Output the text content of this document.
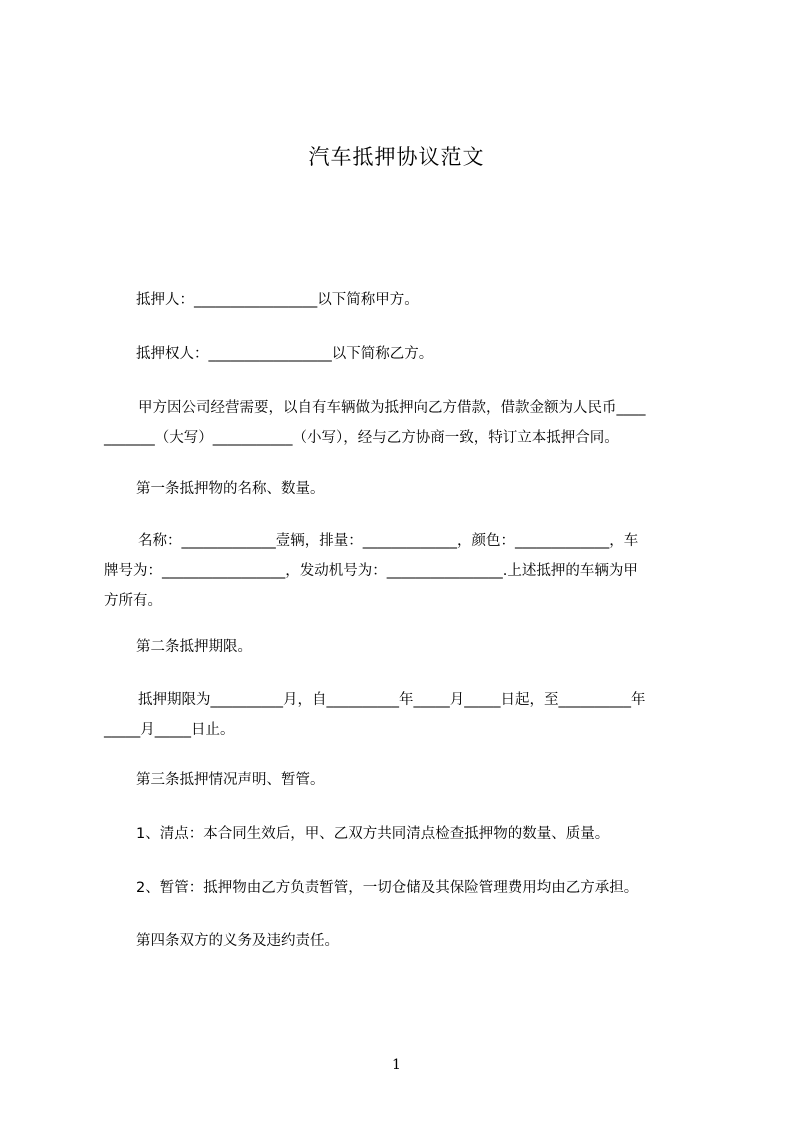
汽车抵押协议范文

抵押人：_________________以下简称甲方。

抵押权人：_________________以下简称乙方。

甲方因公司经营需要，以自有车辆做为抵押向乙方借款，借款金额为人民币____
_______（大写）___________（小写），经与乙方协商一致，特订立本抵押合同。

第一条抵押物的名称、数量。

名称：_____________壹辆，排量：_____________，颜色：_____________，车
牌号为：_________________，发动机号为：________________.上述抵押的车辆为甲
方所有。

第二条抵押期限。

抵押期限为__________月，自__________年_____月_____日起，至__________年
_____月_____日止。

第三条抵押情况声明、暂管。

1、清点：本合同生效后，甲、乙双方共同清点检查抵押物的数量、质量。

2、暂管：抵押物由乙方负责暂管，一切仓储及其保险管理费用均由乙方承担。

第四条双方的义务及违约责任。

1
